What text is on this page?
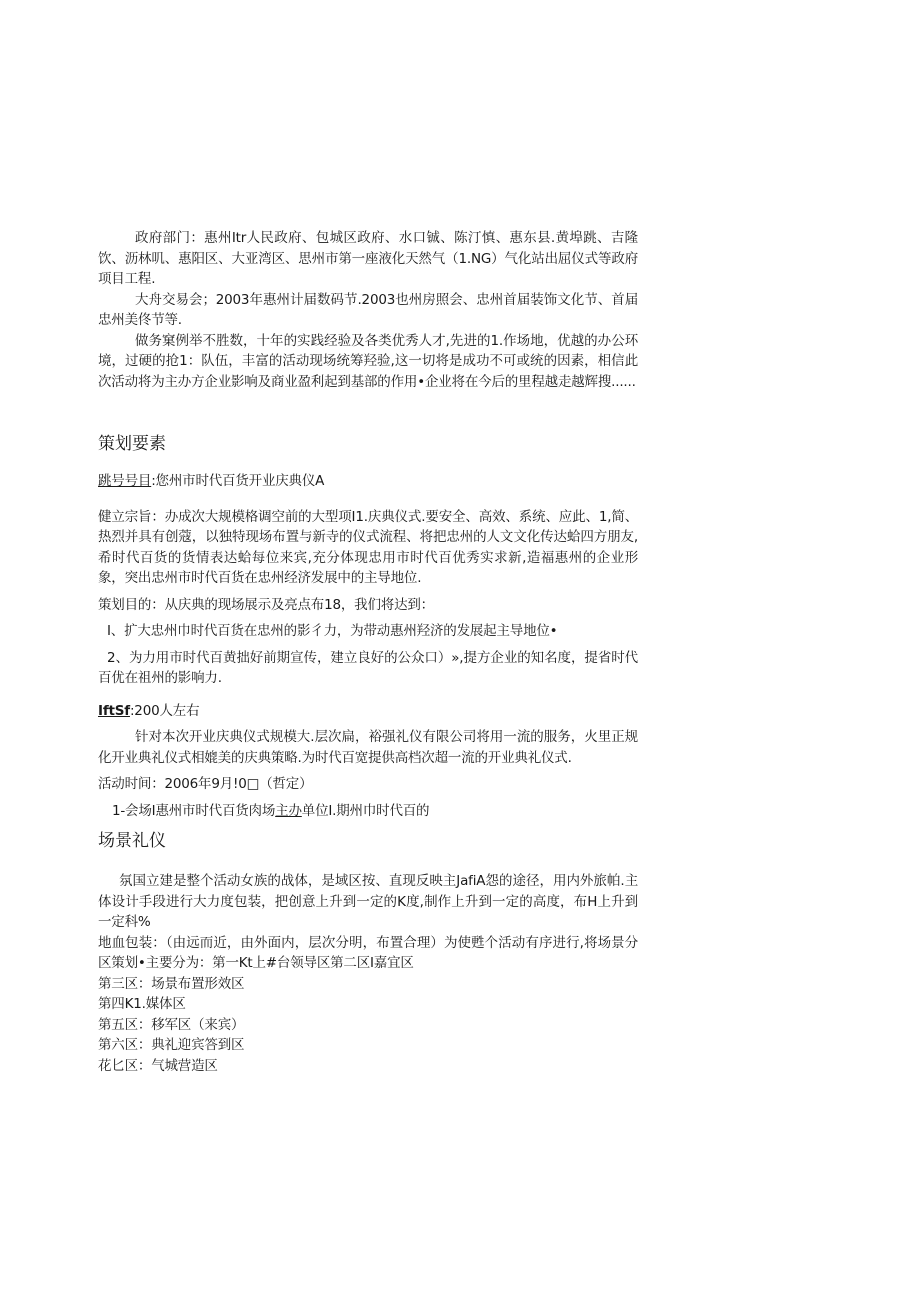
政府部门：惠州Itr人民政府、包城区政府、水口铖、陈汀慎、惠东县.黄埠跳、吉隆饮、沥林叽、惠阳区、大亚湾区、思州市第一座液化天然气（1.NG）气化站出屈仪式等政府项目工程.

大舟交易会；2003年惠州计届数码节.2003也州房照会、忠州首届装饰文化节、首届忠州美佟节等.

做务窠例举不胜数，十年的实践经验及各类优秀人才,先进的1.作场地，优越的办公环境，过硬的抢1：队伍，丰富的活动现场统筹羟验,这一切将是成功不可或统的因素，相信此次活动将为主办方企业影响及商业盈利起到基部的作用•企业将在今后的里程越走越辉搜......

策划要素

跳号号目:您州市时代百货开业庆典仪A

健立宗旨：办成次大规模格调空前的大型项I1.庆典仪式.要安全、高效、系统、应此、1,简、热烈并具有创蔻，以独特现场布置与新寺的仪式流程、将把忠州的人文文化传达蛤四方朋友,希时代百货的货情表达蛤每位来宾,充分体现忠用市时代百优秀实求新,造福惠州的企业形象，突出忠州市时代百货在忠州经济发展中的主导地位.

策划目的：从庆典的现场展示及亮点布18，我们将达到：

I、扩大忠州巾时代百货在忠州的影彳力，为带动惠州羟济的发展起主导地位•

2、为力用市时代百黄拙好前期宣传，建立良好的公众口）»,提方企业的知名度，提省时代百优在祖州的影响力.

IftSf:200人左右

针对本次开业庆典仪式规模大.层次扁，裕强礼仪有限公司将用一流的服务，火里正规化开业典礼仪式相媲美的庆典策略.为时代百宽提供高档次超一流的开业典礼仪式.

活动时间：2006年9月!0□（哲定）

1-会场I惠州市时代百货肉场主办单位I.期州巾时代百的

场景礼仪

氛国立建是整个活动女族的战体，是域区按、直现反映主JafiA怨的途径，用内外旅帕.主体设计手段进行大力度包装，把创意上升到一定的K度,制作上升到一定的高度，布H上升到一定科%

地血包装：（由远而近，由外面内，层次分明，布置合理）为使甦个活动有序进行,将场景分区策划•主要分为：第一Kt上#台领导区第二区I嘉宜区

第三区：场景布置形效区

第四K1.媒体区

第五区：移军区（来宾）

第六区：典礼迎宾答到区

花匕区：气城营造区
